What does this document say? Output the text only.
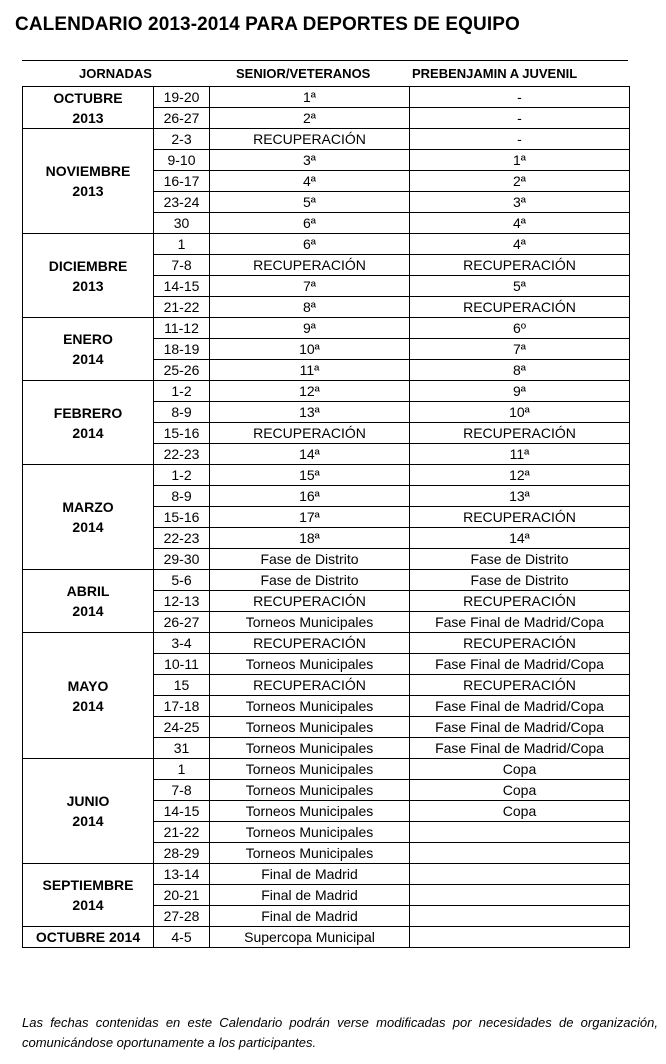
CALENDARIO 2013-2014 PARA DEPORTES DE EQUIPO
JORNADAS	SENIOR/VETERANOS	PREBENJAMIN A JUVENIL
OCTUBRE
2013	19-20	1ª	-
	26-27	2ª	-

NOVIEMBRE
2013	2-3	RECUPERACIÓN	-
	9-10	3ª	1ª
	16-17	4ª	2ª
	23-24	5ª	3ª
	30	6ª	4ª

DICIEMBRE
2013	1	6ª	4ª
	7-8	RECUPERACIÓN	RECUPERACIÓN
	14-15	7ª	5ª
	21-22	8ª	RECUPERACIÓN

ENERO
2014	11-12	9ª	6º
	18-19	10ª	7ª
	25-26	11ª	8ª

FEBRERO
2014	1-2	12ª	9ª
	8-9	13ª	10ª
	15-16	RECUPERACIÓN	RECUPERACIÓN
	22-23	14ª	11ª

MARZO
2014	1-2	15ª	12ª
	8-9	16ª	13ª
	15-16	17ª	RECUPERACIÓN
	22-23	18ª	14ª
	29-30	Fase de Distrito	Fase de Distrito

ABRIL
2014	5-6	Fase de Distrito	Fase de Distrito
	12-13	RECUPERACIÓN	RECUPERACIÓN
	26-27	Torneos Municipales	Fase Final de Madrid/Copa

MAYO
2014	3-4	RECUPERACIÓN	RECUPERACIÓN
	10-11	Torneos Municipales	Fase Final de Madrid/Copa
	15	RECUPERACIÓN	RECUPERACIÓN
	17-18	Torneos Municipales	Fase Final de Madrid/Copa
	24-25	Torneos Municipales	Fase Final de Madrid/Copa
	31	Torneos Municipales	Fase Final de Madrid/Copa

JUNIO
2014	1	Torneos Municipales	Copa
	7-8	Torneos Municipales	Copa
	14-15	Torneos Municipales	Copa
	21-22	Torneos Municipales	
	28-29	Torneos Municipales	

SEPTIEMBRE
2014	13-14	Final de Madrid	
	20-21	Final de Madrid	
	27-28	Final de Madrid	

OCTUBRE 2014	4-5	Supercopa Municipal	
Las fechas contenidas en este Calendario podrán verse modificadas por necesidades de organización, comunicándose oportunamente a los participantes.
